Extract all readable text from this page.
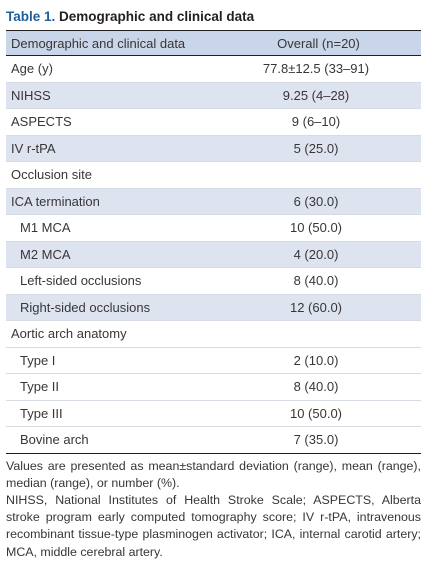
Table 1. Demographic and clinical data
Demographic and clinical data	Overall (n=20)
Age (y)	77.8±12.5 (33–91)
NIHSS	9.25 (4–28)
ASPECTS	9 (6–10)
IV r-tPA	5 (25.0)
Occlusion site	
ICA termination	6 (30.0)
M1 MCA	10 (50.0)
M2 MCA	4 (20.0)
Left-sided occlusions	8 (40.0)
Right-sided occlusions	12 (60.0)
Aortic arch anatomy	
Type I	2 (10.0)
Type II	8 (40.0)
Type III	10 (50.0)
Bovine arch	7 (35.0)

Values are presented as mean±standard deviation (range), mean (range), median (range), or number (%).

NIHSS, National Institutes of Health Stroke Scale; ASPECTS, Alberta stroke program early computed tomography score; IV r-tPA, intravenous recombinant tissue-type plasminogen activator; ICA, internal carotid artery; MCA, middle cerebral artery.
